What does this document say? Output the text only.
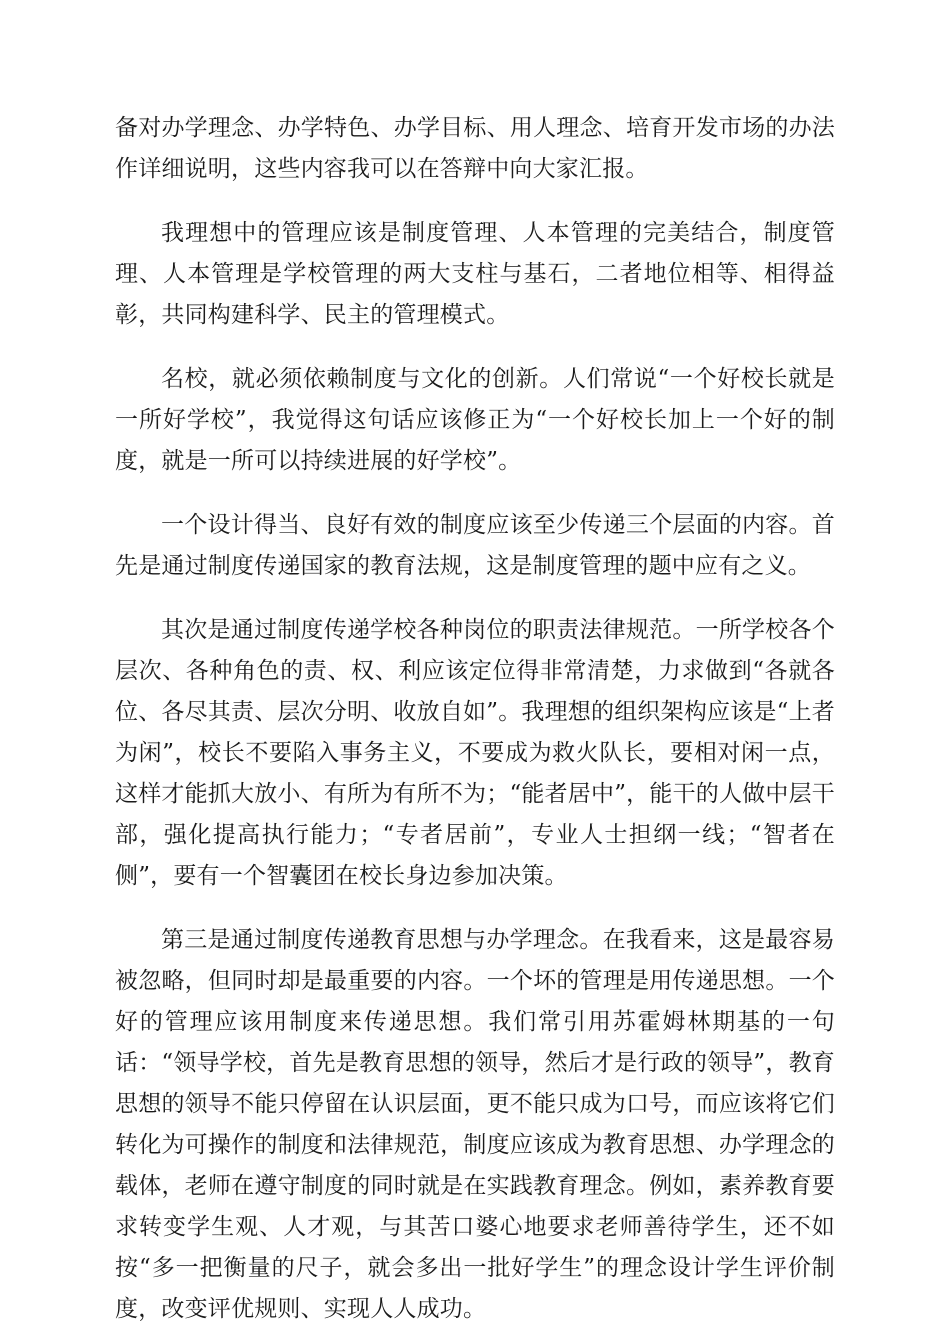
备对办学理念、办学特色、办学目标、用人理念、培育开发市场的办法作详细说明，这些内容我可以在答辩中向大家汇报。

我理想中的管理应该是制度管理、人本管理的完美结合，制度管理、人本管理是学校管理的两大支柱与基石，二者地位相等、相得益彰，共同构建科学、民主的管理模式。

名校，就必须依赖制度与文化的创新。人们常说“一个好校长就是一所好学校”，我觉得这句话应该修正为“一个好校长加上一个好的制度，就是一所可以持续进展的好学校”。

一个设计得当、良好有效的制度应该至少传递三个层面的内容。首先是通过制度传递国家的教育法规，这是制度管理的题中应有之义。

其次是通过制度传递学校各种岗位的职责法律规范。一所学校各个层次、各种角色的责、权、利应该定位得非常清楚，力求做到“各就各位、各尽其责、层次分明、收放自如”。我理想的组织架构应该是“上者为闲”，校长不要陷入事务主义，不要成为救火队长，要相对闲一点，这样才能抓大放小、有所为有所不为；“能者居中”，能干的人做中层干部，强化提高执行能力；“专者居前”，专业人士担纲一线；“智者在侧”，要有一个智囊团在校长身边参加决策。

第三是通过制度传递教育思想与办学理念。在我看来，这是最容易被忽略，但同时却是最重要的内容。一个坏的管理是用传递思想。一个好的管理应该用制度来传递思想。我们常引用苏霍姆林期基的一句话：“领导学校，首先是教育思想的领导，然后才是行政的领导”，教育思想的领导不能只停留在认识层面，更不能只成为口号，而应该将它们转化为可操作的制度和法律规范，制度应该成为教育思想、办学理念的载体，老师在遵守制度的同时就是在实践教育理念。例如，素养教育要求转变学生观、人才观，与其苦口婆心地要求老师善待学生，还不如按“多一把衡量的尺子，就会多出一批好学生”的理念设计学生评价制度，改变评优规则、实现人人成功。
